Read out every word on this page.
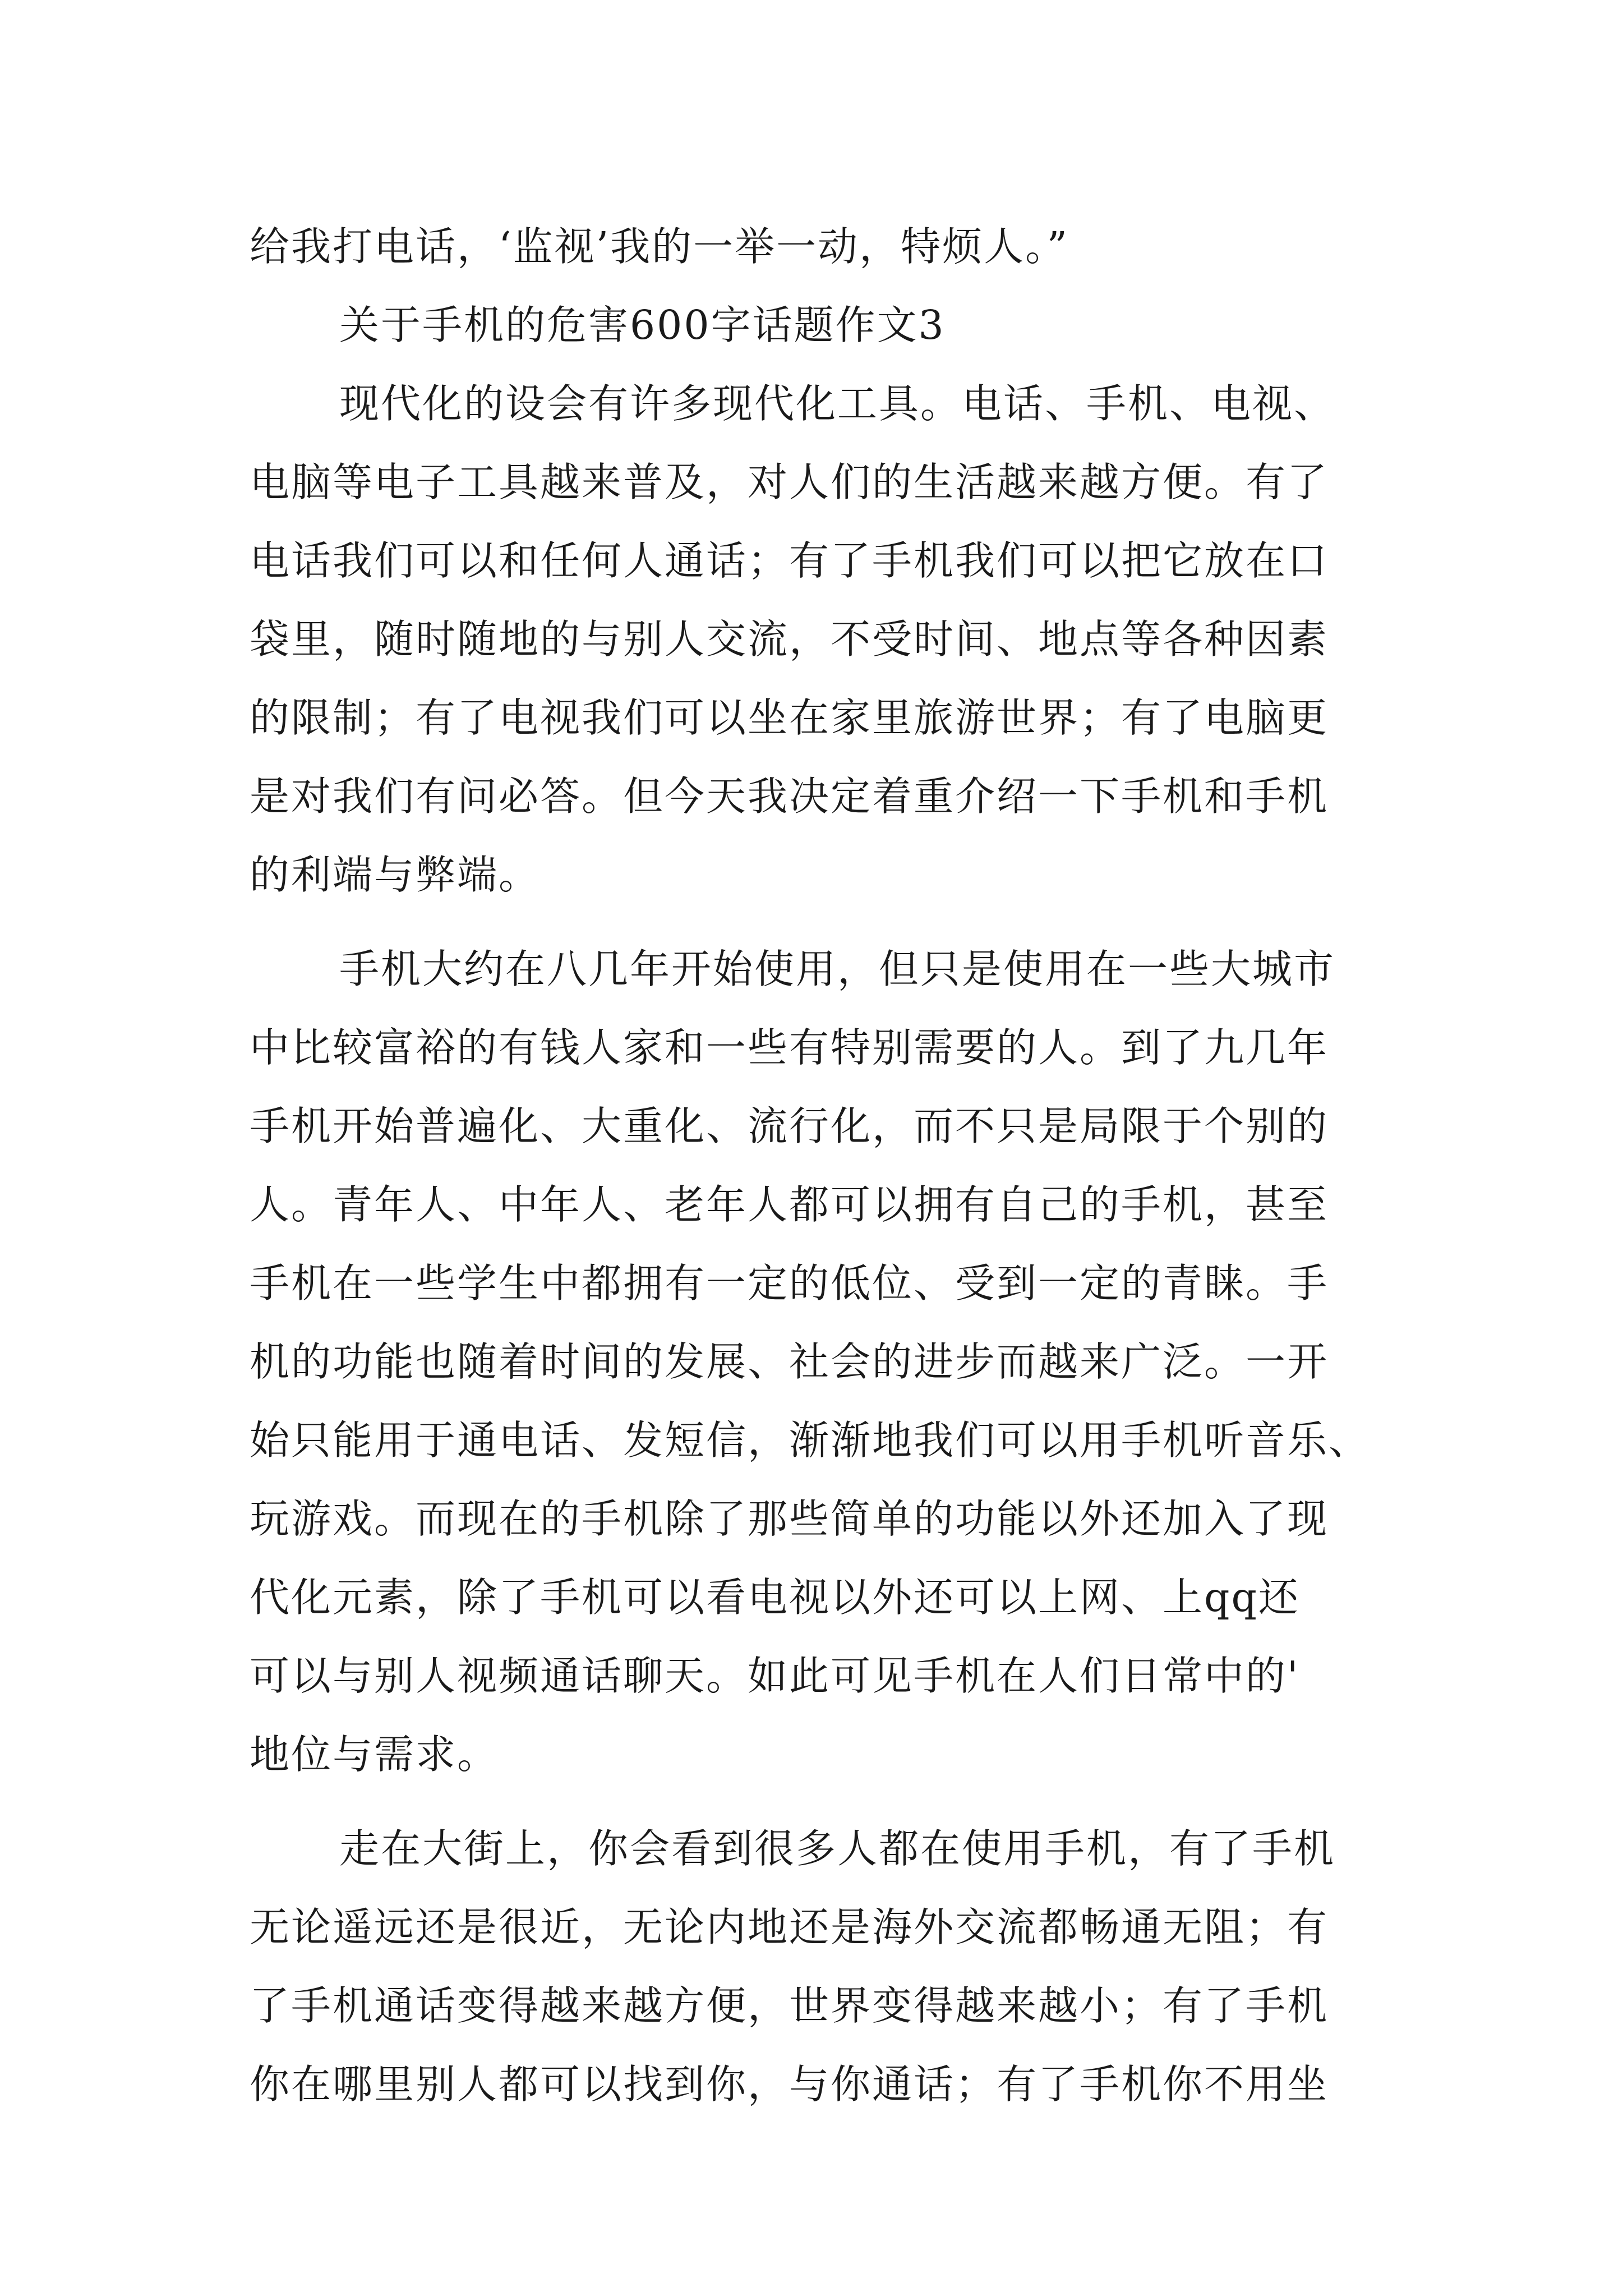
给我打电话，‘监视’我的一举一动，特烦人。”
关于手机的危害600字话题作文3
现代化的设会有许多现代化工具。电话、手机、电视、
电脑等电子工具越来普及，对人们的生活越来越方便。有了
电话我们可以和任何人通话；有了手机我们可以把它放在口
袋里，随时随地的与别人交流，不受时间、地点等各种因素
的限制；有了电视我们可以坐在家里旅游世界；有了电脑更
是对我们有问必答。但今天我决定着重介绍一下手机和手机
的利端与弊端。
手机大约在八几年开始使用，但只是使用在一些大城市
中比较富裕的有钱人家和一些有特别需要的人。到了九几年
手机开始普遍化、大重化、流行化，而不只是局限于个别的
人。青年人、中年人、老年人都可以拥有自己的手机，甚至
手机在一些学生中都拥有一定的低位、受到一定的青睐。手
机的功能也随着时间的发展、社会的进步而越来广泛。一开
始只能用于通电话、发短信，渐渐地我们可以用手机听音乐、
玩游戏。而现在的手机除了那些简单的功能以外还加入了现
代化元素，除了手机可以看电视以外还可以上网、上qq还
可以与别人视频通话聊天。如此可见手机在人们日常中的'
地位与需求。
走在大街上，你会看到很多人都在使用手机，有了手机
无论遥远还是很近，无论内地还是海外交流都畅通无阻；有
了手机通话变得越来越方便，世界变得越来越小；有了手机
你在哪里别人都可以找到你，与你通话；有了手机你不用坐
